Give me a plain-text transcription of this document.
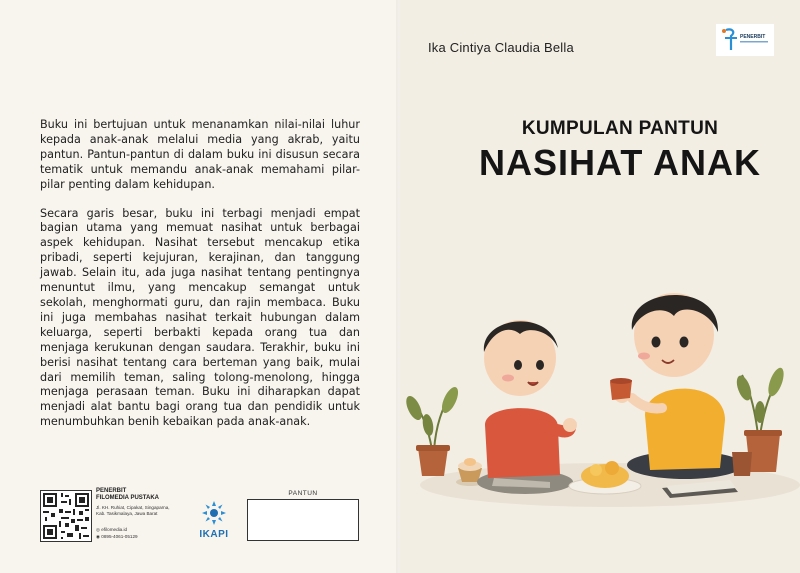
Buku ini bertujuan untuk menanamkan nilai-nilai luhur kepada anak-anak melalui media yang akrab, yaitu pantun. Pantun-pantun di dalam buku ini disusun secara tematik untuk memandu anak-anak memahami pilar-pilar penting dalam kehidupan.

Secara garis besar, buku ini terbagi menjadi empat bagian utama yang memuat nasihat untuk berbagai aspek kehidupan. Nasihat tersebut mencakup etika pribadi, seperti kejujuran, kerajinan, dan tanggung jawab. Selain itu, ada juga nasihat tentang pentingnya menuntut ilmu, yang mencakup semangat untuk sekolah, menghormati guru, dan rajin membaca. Buku ini juga membahas nasihat terkait hubungan dalam keluarga, seperti berbakti kepada orang tua dan menjaga kerukunan dengan saudara. Terakhir, buku ini berisi nasihat tentang cara berteman yang baik, mulai dari memilih teman, saling tolong-menolong, hingga menjaga perasaan teman. Buku ini diharapkan dapat menjadi alat bantu bagi orang tua dan pendidik untuk menumbuhkan benih kebaikan pada anak-anak.

PENERBIT
FILOMEDIA PUSTAKA
Jl. KH. Ruhiat, Cipakat, Singaparna,
Kab. Tasikmalaya, Jawa Barat
◎ efilomedia.id
◉ 0895-4061-05129	IKAPI
PANTUN
Ika Cintiya Claudia Bella
PENERBIT
KUMPULAN PANTUN
NASIHAT ANAK
